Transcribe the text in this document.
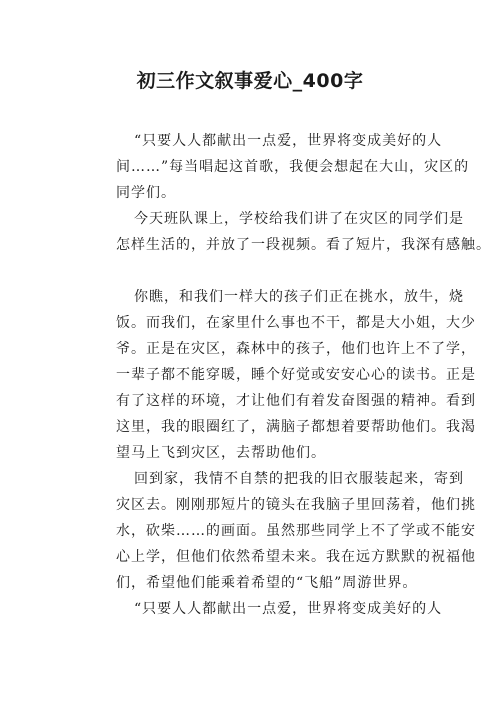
初三作文叙事爱心_400字
“只要人人都献出一点爱，世界将变成美好的人
间……”每当唱起这首歌，我便会想起在大山，灾区的
同学们。
今天班队课上，学校给我们讲了在灾区的同学们是
怎样生活的，并放了一段视频。看了短片，我深有感触。
你瞧，和我们一样大的孩子们正在挑水，放牛，烧
饭。而我们，在家里什么事也不干，都是大小姐，大少
爷。正是在灾区，森林中的孩子，他们也许上不了学，
一辈子都不能穿暖，睡个好觉或安安心心的读书。正是
有了这样的环境，才让他们有着发奋图强的精神。看到
这里，我的眼圈红了，满脑子都想着要帮助他们。我渴
望马上飞到灾区，去帮助他们。
回到家，我情不自禁的把我的旧衣服装起来，寄到
灾区去。刚刚那短片的镜头在我脑子里回荡着，他们挑
水，砍柴……的画面。虽然那些同学上不了学或不能安
心上学，但他们依然希望未来。我在远方默默的祝福他
们，希望他们能乘着希望的“飞船”周游世界。
“只要人人都献出一点爱，世界将变成美好的人
